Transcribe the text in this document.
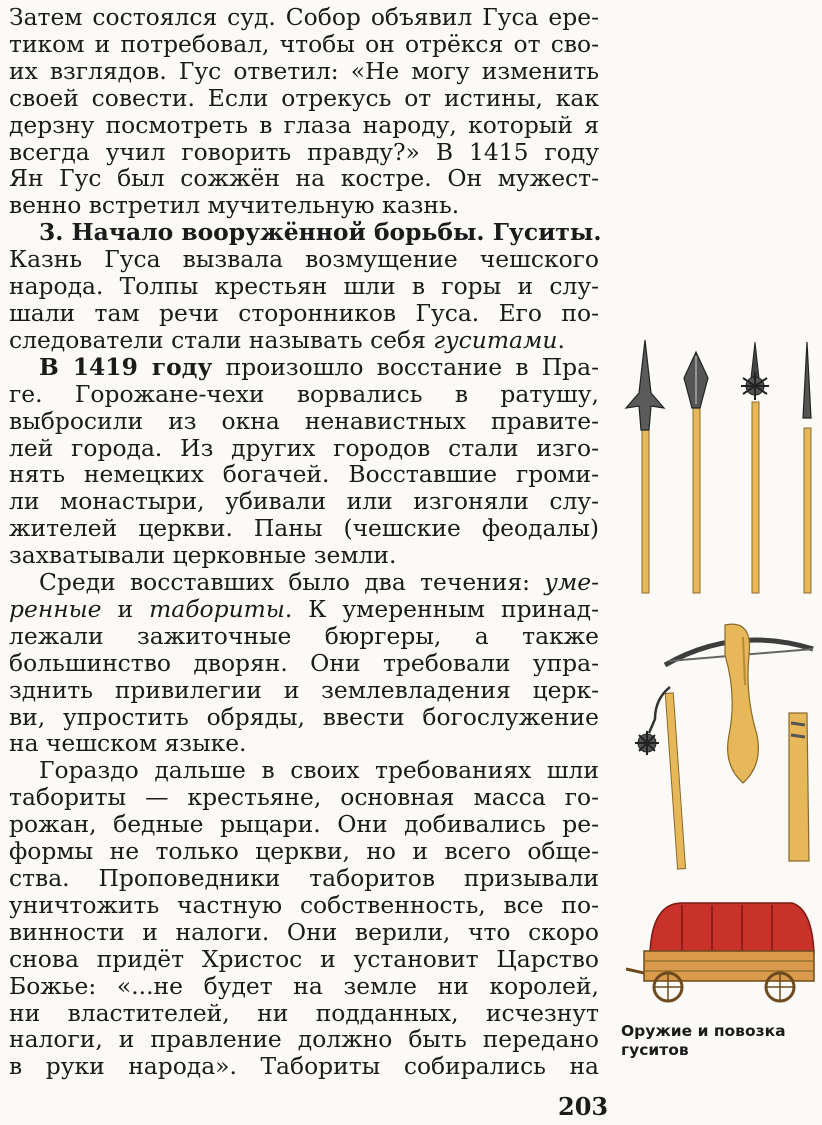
Затем состоялся суд. Собор объявил Гуса ере-
тиком и потребовал, чтобы он отрёкся от сво-
их взглядов. Гус ответил: «Не могу изменить
своей совести. Если отрекусь от истины, как
дерзну посмотреть в глаза народу, который я
всегда учил говорить правду?» В 1415 году
Ян Гус был сожжён на костре. Он мужест-
венно встретил мучительную казнь.
3. Начало вооружённой борьбы. Гуситы.
Казнь Гуса вызвала возмущение чешского
народа. Толпы крестьян шли в горы и слу-
шали там речи сторонников Гуса. Его по-
следователи стали называть себя гуситами.
В 1419 году произошло восстание в Пра-
ге. Горожане-чехи ворвались в ратушу,
выбросили из окна ненавистных правите-
лей города. Из других городов стали изго-
нять немецких богачей. Восставшие громи-
ли монастыри, убивали или изгоняли слу-
жителей церкви. Паны (чешские феодалы)
захватывали церковные земли.
Среди восставших было два течения: уме-
ренные и табориты. К умеренным принад-
лежали зажиточные бюргеры, а также
большинство дворян. Они требовали упра-
зднить привилегии и землевладения церк-
ви, упростить обряды, ввести богослужение
на чешском языке.
Гораздо дальше в своих требованиях шли
табориты — крестьяне, основная масса го-
рожан, бедные рыцари. Они добивались ре-
формы не только церкви, но и всего обще-
ства. Проповедники таборитов призывали
уничтожить частную собственность, все по-
винности и налоги. Они верили, что скоро
снова придёт Христос и установит Царство
Божье: «...не будет на земле ни королей,
ни властителей, ни подданных, исчезнут
налоги, и правление должно быть передано
в руки народа». Табориты собирались на
Оружие и повозка
гуситов
203
